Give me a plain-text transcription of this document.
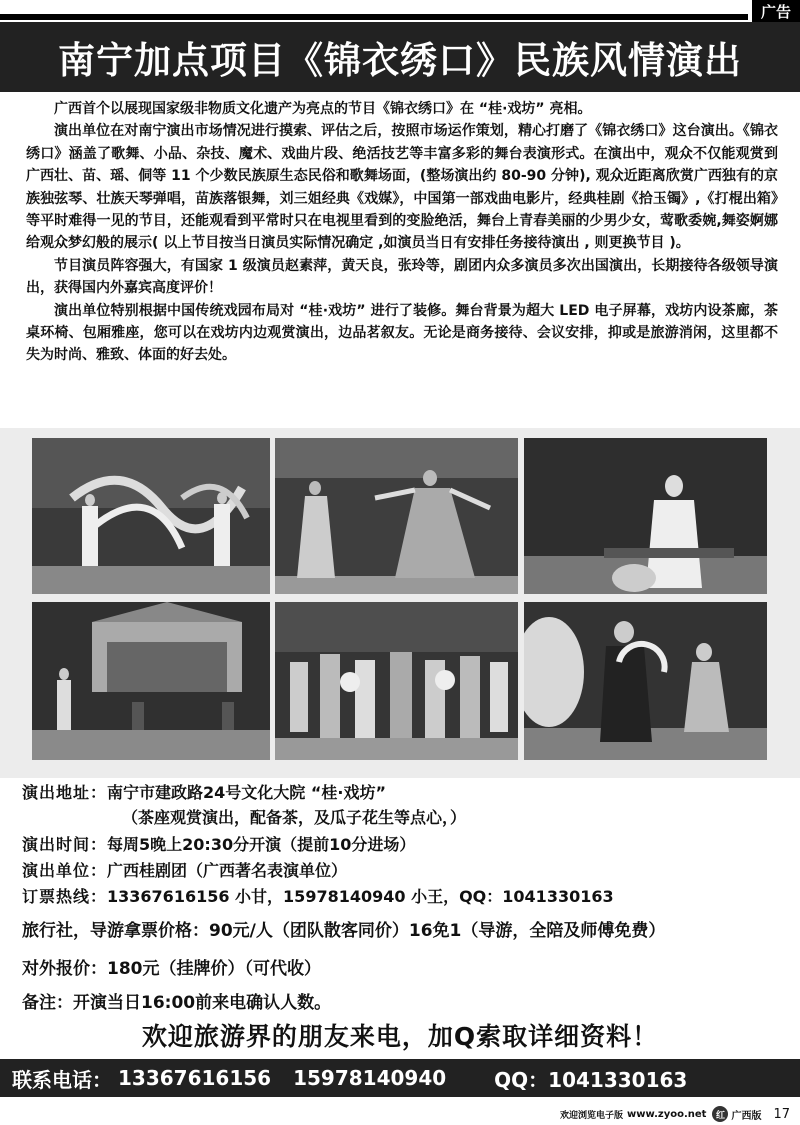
广告
南宁加点项目《锦衣绣口》民族风情演出

广西首个以展现国家级非物质文化遗产为亮点的节目《锦衣绣口》在 “桂·戏坊” 亮相。

演出单位在对南宁演出市场情况进行摸索、评估之后，按照市场运作策划，精心打磨了《锦衣绣口》这台演出。《锦衣绣口》涵盖了歌舞、小品、杂技、魔术、戏曲片段、绝活技艺等丰富多彩的舞台表演形式。在演出中，观众不仅能观赏到广西壮、苗、瑶、侗等 11 个少数民族原生态民俗和歌舞场面，(整场演出约 80-90 分钟), 观众近距离欣赏广西独有的京族独弦琴、壮族天琴弹唱，苗族落银舞，刘三姐经典《戏媒》，中国第一部戏曲电影片，经典桂剧《拾玉镯》,《打棍出箱》等平时难得一见的节目，还能观看到平常时只在电视里看到的变脸绝活，舞台上青春美丽的少男少女，莺歌委婉,舞姿婀娜给观众梦幻般的展示( 以上节目按当日演员实际情况确定 ,如演员当日有安排任务接待演出 , 则更换节目 )。

节目演员阵容强大，有国家 1 级演员赵素萍，黄天良，张玲等，剧团内众多演员多次出国演出，长期接待各级领导演出，获得国内外嘉宾高度评价！

演出单位特别根据中国传统戏园布局对 “桂·戏坊” 进行了装修。舞台背景为超大 LED 电子屏幕，戏坊内设茶廊，茶桌环椅、包厢雅座，您可以在戏坊内边观赏演出，边品茗叙友。无论是商务接待、会议安排，抑或是旅游消闲，这里都不失为时尚、雅致、体面的好去处。

演出地址：南宁市建政路24号文化大院 “桂·戏坊”
（茶座观赏演出，配备茶，及瓜子花生等点心，）
演出时间：每周5晚上20:30分开演（提前10分进场）
演出单位：广西桂剧团（广西著名表演单位）
订票热线：13367616156 小甘，15978140940 小王，QQ：1041330163
旅行社，导游拿票价格：90元/人（团队散客同价）16免1（导游，全陪及师傅免费）
对外报价：180元（挂牌价）（可代收）
备注：开演当日16:00前来电确认人数。
欢迎旅游界的朋友来电，加Q索取详细资料！
联系电话： 13367616156 15978140940 QQ：1041330163
欢迎浏览电子版 www.zyoo.net	红 广西版 17
